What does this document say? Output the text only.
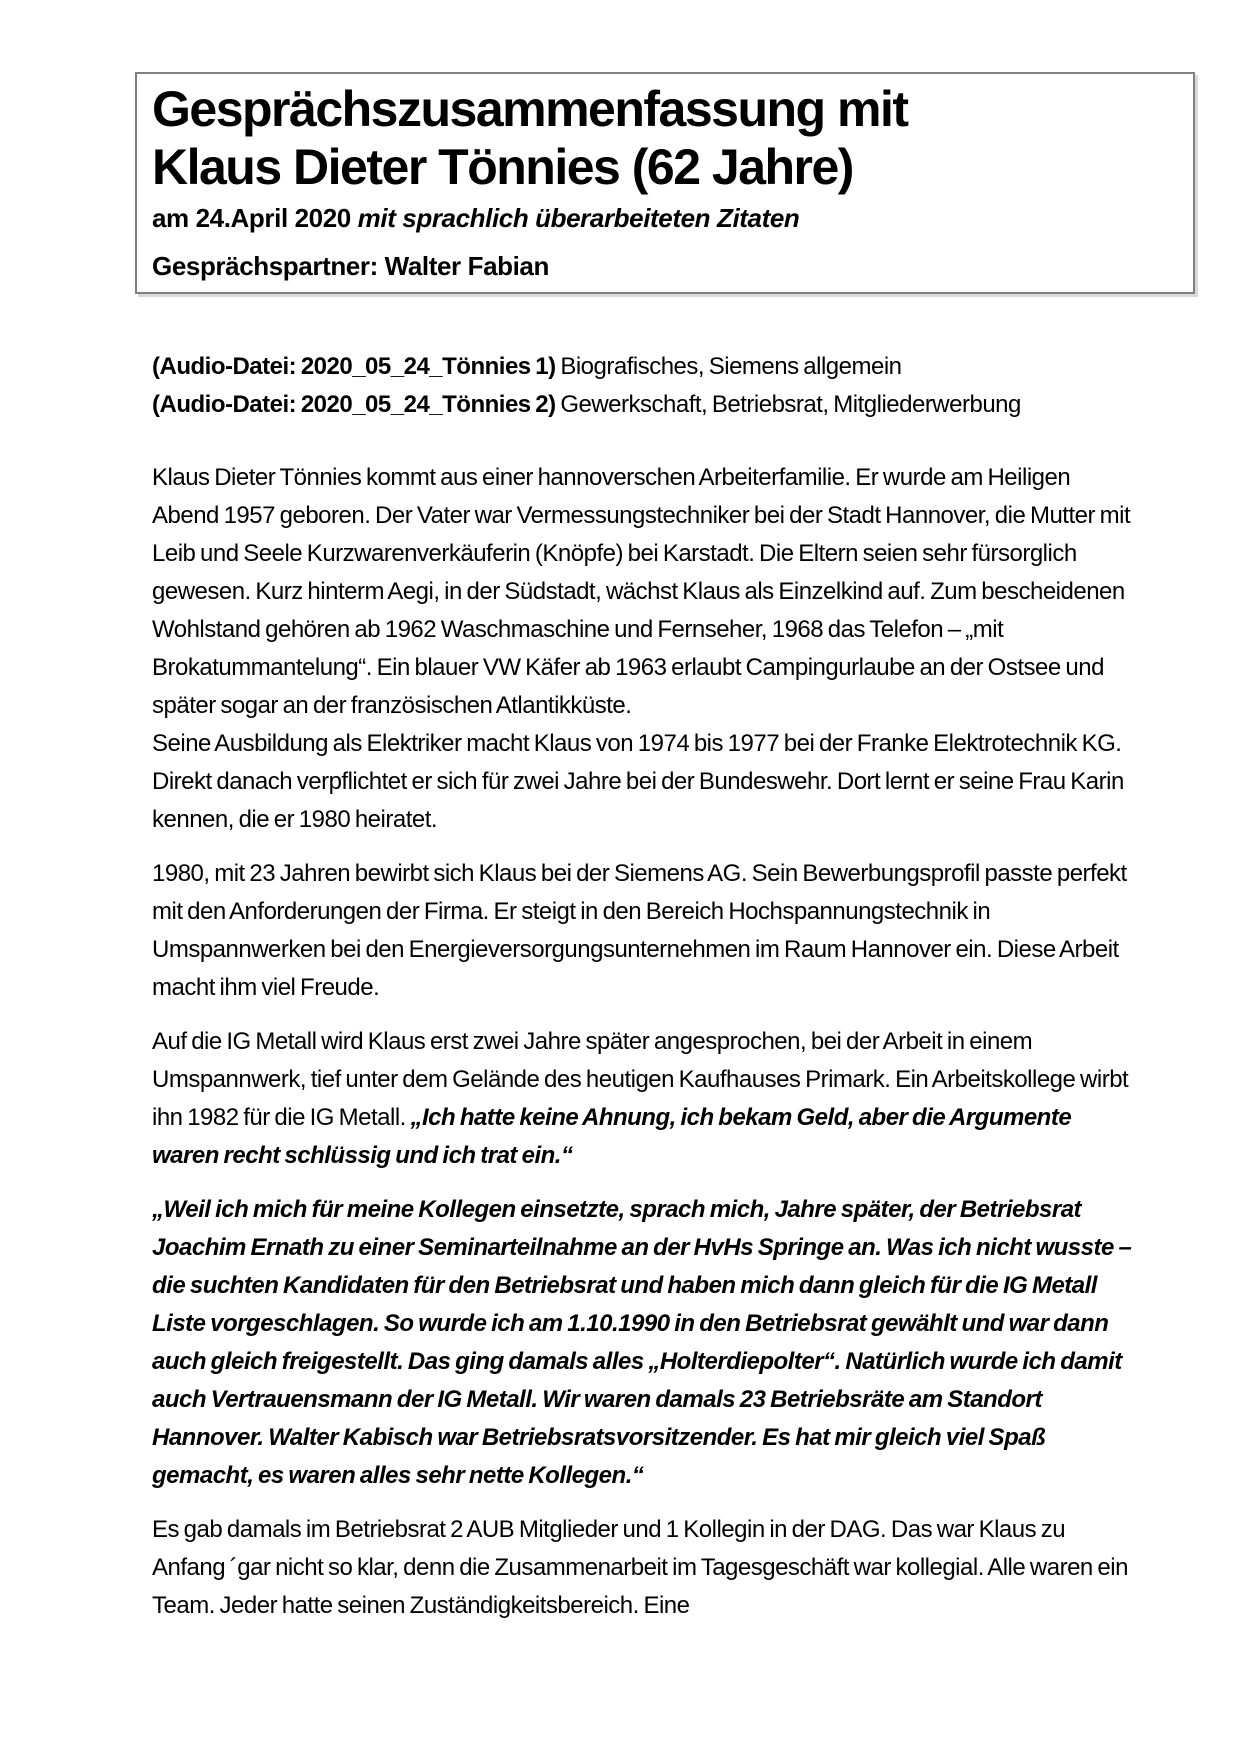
Gesprächszusammenfassung mit
Klaus Dieter Tönnies (62 Jahre)
am 24.April 2020 mit sprachlich überarbeiteten Zitaten
Gesprächspartner: Walter Fabian

(Audio-Datei: 2020_05_24_Tönnies 1) Biografisches, Siemens allgemein
(Audio-Datei: 2020_05_24_Tönnies 2) Gewerkschaft, Betriebsrat, Mitgliederwerbung

Klaus Dieter Tönnies kommt aus einer hannoverschen Arbeiterfamilie. Er wurde am Heiligen Abend 1957 geboren. Der Vater war Vermessungstechniker bei der Stadt Hannover, die Mutter mit Leib und Seele Kurzwarenverkäuferin (Knöpfe) bei Karstadt. Die Eltern seien sehr fürsorglich gewesen. Kurz hinterm Aegi, in der Südstadt, wächst Klaus als Einzelkind auf. Zum bescheidenen Wohlstand gehören ab 1962 Waschmaschine und Fernseher, 1968 das Telefon – „mit Brokatummantelung“. Ein blauer VW Käfer ab 1963 erlaubt Campingurlaube an der Ostsee und später sogar an der französischen Atlantikküste.
Seine Ausbildung als Elektriker macht Klaus von 1974 bis 1977 bei der Franke Elektrotechnik KG. Direkt danach verpflichtet er sich für zwei Jahre bei der Bundeswehr. Dort lernt er seine Frau Karin kennen, die er 1980 heiratet.

1980, mit 23 Jahren bewirbt sich Klaus bei der Siemens AG. Sein Bewerbungsprofil passte perfekt mit den Anforderungen der Firma. Er steigt in den Bereich Hochspannungstechnik in Umspannwerken bei den Energieversorgungsunternehmen im Raum Hannover ein. Diese Arbeit macht ihm viel Freude.

Auf die IG Metall wird Klaus erst zwei Jahre später angesprochen, bei der Arbeit in einem Umspannwerk, tief unter dem Gelände des heutigen Kaufhauses Primark. Ein Arbeitskollege wirbt ihn 1982 für die IG Metall. „Ich hatte keine Ahnung, ich bekam Geld, aber die Argumente waren recht schlüssig und ich trat ein.“

„Weil ich mich für meine Kollegen einsetzte, sprach mich, Jahre später, der Betriebsrat Joachim Ernath zu einer Seminarteilnahme an der HvHs Springe an. Was ich nicht wusste – die suchten Kandidaten für den Betriebsrat und haben mich dann gleich für die IG Metall Liste vorgeschlagen. So wurde ich am 1.10.1990 in den Betriebsrat gewählt und war dann auch gleich freigestellt. Das ging damals alles „Holterdiepolter“. Natürlich wurde ich damit auch Vertrauensmann der IG Metall. Wir waren damals 23 Betriebsräte am Standort Hannover. Walter Kabisch war Betriebsratsvorsitzender. Es hat mir gleich viel Spaß gemacht, es waren alles sehr nette Kollegen.“

Es gab damals im Betriebsrat 2 AUB Mitglieder und 1 Kollegin in der DAG. Das war Klaus zu Anfang ´gar nicht so klar, denn die Zusammenarbeit im Tagesgeschäft war kollegial. Alle waren ein Team. Jeder hatte seinen Zuständigkeitsbereich. Eine
